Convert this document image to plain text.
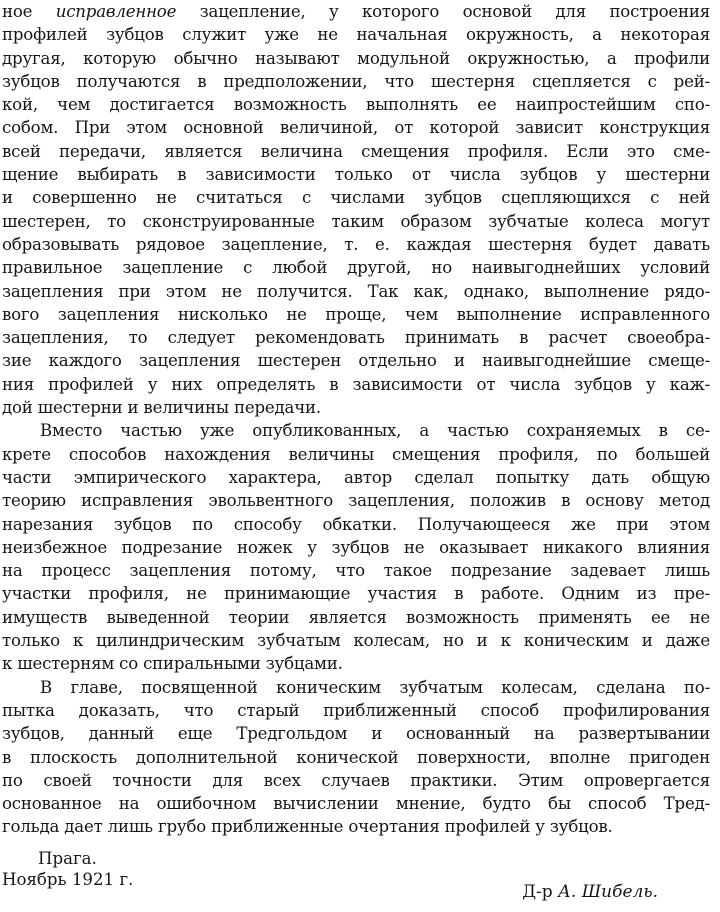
ное исправленное зацепление, у которого основой для построения
профилей зубцов служит уже не начальная окружность, а некоторая
другая, которую обычно называют модульной окружностью, а профили
зубцов получаются в предположении, что шестерня сцепляется с рей-
кой, чем достигается возможность выполнять ее наипростейшим спо-
собом. При этом основной величиной, от которой зависит конструкция
всей передачи, является величина смещения профиля. Если это сме-
щение выбирать в зависимости только от числа зубцов у шестерни
и совершенно не считаться с числами зубцов сцепляющихся с ней
шестерен, то сконструированные таким образом зубчатые колеса могут
образовывать рядовое зацепление, т. е. каждая шестерня будет давать
правильное зацепление с любой другой, но наивыгоднейших условий
зацепления при этом не получится. Так как, однако, выполнение рядо-
вого зацепления нисколько не проще, чем выполнение исправленного
зацепления, то следует рекомендовать принимать в расчет своеобра-
зие каждого зацепления шестерен отдельно и наивыгоднейшие смеще-
ния профилей у них определять в зависимости от числа зубцов у каж-
дой шестерни и величины передачи.
Вместо частью уже опубликованных, а частью сохраняемых в се-
крете способов нахождения величины смещения профиля, по большей
части эмпирического характера, автор сделал попытку дать общую
теорию исправления эвольвентного зацепления, положив в основу метод
нарезания зубцов по способу обкатки. Получающееся же при этом
неизбежное подрезание ножек у зубцов не оказывает никакого влияния
на процесс зацепления потому, что такое подрезание задевает лишь
участки профиля, не принимающие участия в работе. Одним из пре-
имуществ выведенной теории является возможность применять ее не
только к цилиндрическим зубчатым колесам, но и к коническим и даже
к шестерням со спиральными зубцами.
В главе, посвященной коническим зубчатым колесам, сделана по-
пытка доказать, что старый приближенный способ профилирования
зубцов, данный еще Тредгольдом и основанный на развертывании
в плоскость дополнительной конической поверхности, вполне пригоден
по своей точности для всех случаев практики. Этим опровергается
основанное на ошибочном вычислении мнение, будто бы способ Тред-
гольда дает лишь грубо приближенные очертания профилей у зубцов.
Прага.
Ноябрь 1921 г.
Д-р А. Шибель.
